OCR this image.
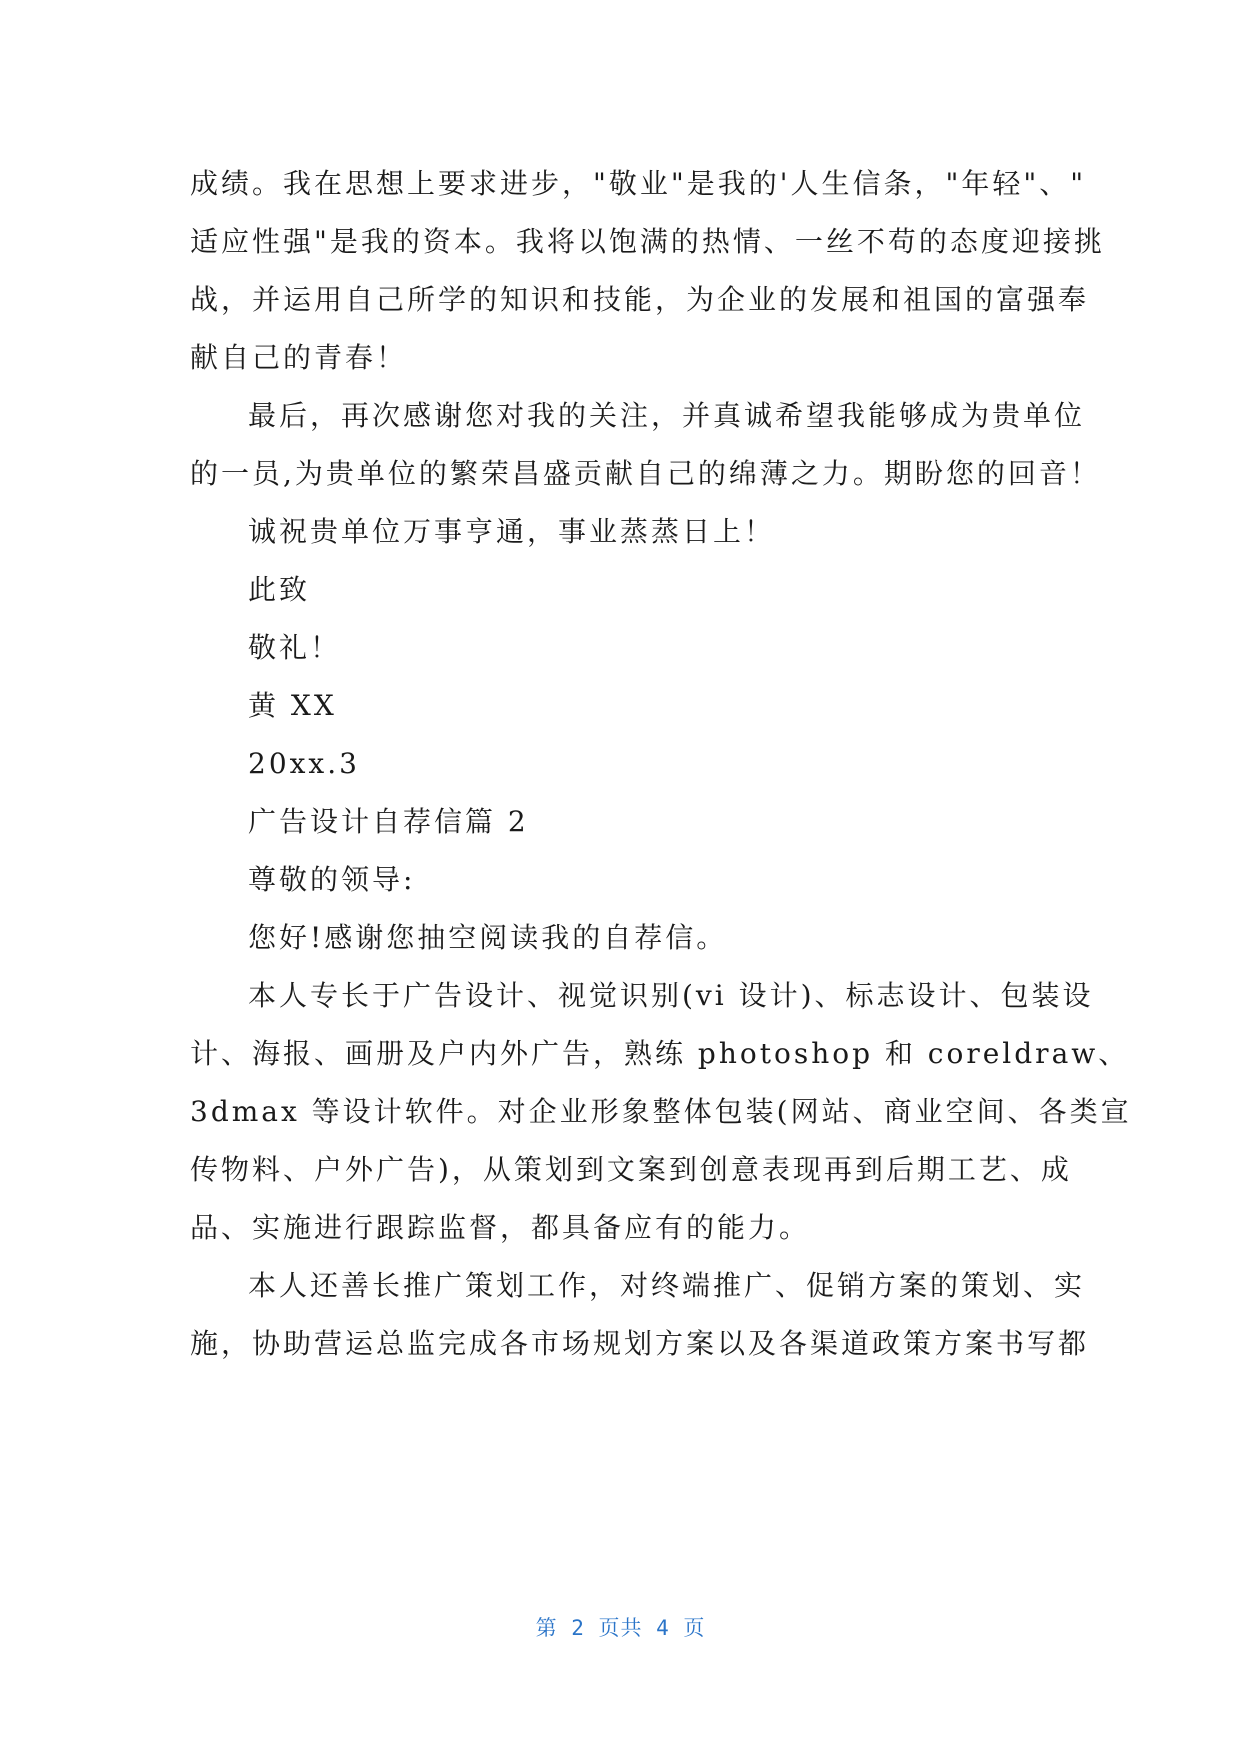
成绩。我在思想上要求进步，"敬业"是我的'人生信条，"年轻"、"
适应性强"是我的资本。我将以饱满的热情、一丝不苟的态度迎接挑
战，并运用自己所学的知识和技能，为企业的发展和祖国的富强奉
献自己的青春！
最后，再次感谢您对我的关注，并真诚希望我能够成为贵单位
的一员,为贵单位的繁荣昌盛贡献自己的绵薄之力。期盼您的回音！
诚祝贵单位万事亨通，事业蒸蒸日上！
此致
敬礼！
黄 XX
20xx.3
广告设计自荐信篇 2
尊敬的领导:
您好!感谢您抽空阅读我的自荐信。
本人专长于广告设计、视觉识别(vi 设计)、标志设计、包装设
计、海报、画册及户内外广告，熟练 photoshop 和 coreldraw、
3dmax 等设计软件。对企业形象整体包装(网站、商业空间、各类宣
传物料、户外广告)，从策划到文案到创意表现再到后期工艺、成
品、实施进行跟踪监督，都具备应有的能力。
本人还善长推广策划工作，对终端推广、促销方案的策划、实
施，协助营运总监完成各市场规划方案以及各渠道政策方案书写都
第 2 页共 4 页
